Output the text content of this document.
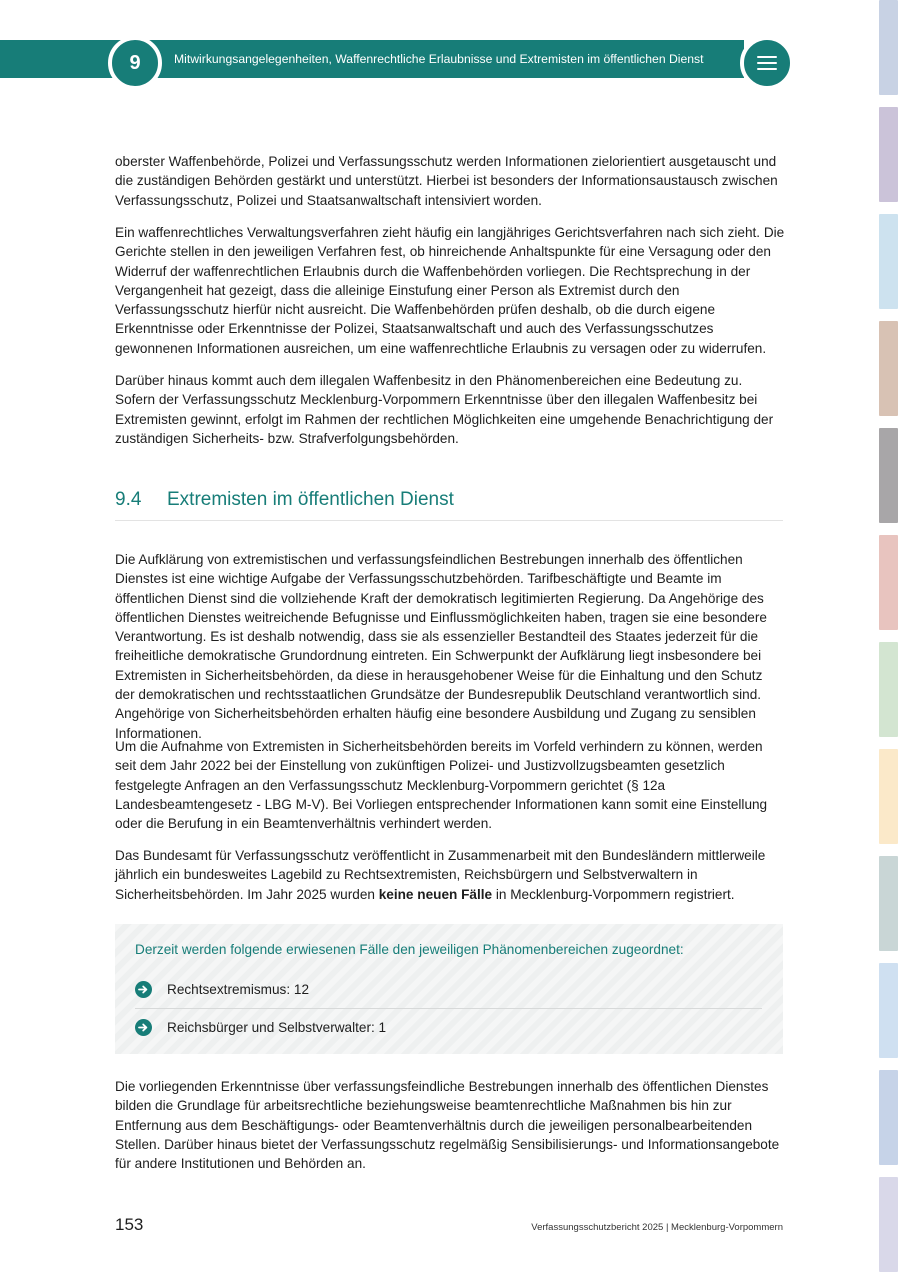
9	Mitwirkungsangelegenheiten, Waffenrechtliche Erlaubnisse und Extremisten im öffentlichen Dienst

oberster Waffenbehörde, Polizei und Verfassungsschutz werden Informationen zielorientiert ausgetauscht und die zuständigen Behörden gestärkt und unterstützt. Hierbei ist besonders der Informationsaustausch zwischen Verfassungsschutz, Polizei und Staatsanwaltschaft intensiviert worden.

Ein waffenrechtliches Verwaltungsverfahren zieht häufig ein langjähriges Gerichtsverfahren nach sich zieht. Die Gerichte stellen in den jeweiligen Verfahren fest, ob hinreichende Anhaltspunkte für eine Versagung oder den Widerruf der waffenrechtlichen Erlaubnis durch die Waffenbehörden vorliegen. Die Rechtsprechung in der Vergangenheit hat gezeigt, dass die alleinige Einstufung einer Person als Extremist durch den Verfassungsschutz hierfür nicht ausreicht. Die Waffenbehörden prüfen deshalb, ob die durch eigene Erkenntnisse oder Erkenntnisse der Polizei, Staatsanwaltschaft und auch des Verfassungsschutzes gewonnenen Informationen ausreichen, um eine waffenrechtliche Erlaubnis zu versagen oder zu widerrufen.

Darüber hinaus kommt auch dem illegalen Waffenbesitz in den Phänomenbereichen eine Bedeutung zu. Sofern der Verfassungsschutz Mecklenburg-Vorpommern Erkenntnisse über den illegalen Waffenbesitz bei Extremisten gewinnt, erfolgt im Rahmen der rechtlichen Möglichkeiten eine umgehende Benachrichtigung der zuständigen Sicherheits- bzw. Strafverfolgungsbehörden.

9.4 Extremisten im öffentlichen Dienst

Die Aufklärung von extremistischen und verfassungsfeindlichen Bestrebungen innerhalb des öffentlichen Dienstes ist eine wichtige Aufgabe der Verfassungsschutzbehörden. Tarifbeschäftigte und Beamte im öffentlichen Dienst sind die vollziehende Kraft der demokratisch legitimierten Regierung. Da Angehörige des öffentlichen Dienstes weitreichende Befugnisse und Einflussmöglichkeiten haben, tragen sie eine besondere Verantwortung. Es ist deshalb notwendig, dass sie als essenzieller Bestandteil des Staates jederzeit für die freiheitliche demokratische Grundordnung eintreten. Ein Schwerpunkt der Aufklärung liegt insbesondere bei Extremisten in Sicherheitsbehörden, da diese in herausgehobener Weise für die Einhaltung und den Schutz der demokratischen und rechtsstaatlichen Grundsätze der Bundesrepublik Deutschland verantwortlich sind. Angehörige von Sicherheitsbehörden erhalten häufig eine besondere Ausbildung und Zugang zu sensiblen Informationen.

Um die Aufnahme von Extremisten in Sicherheitsbehörden bereits im Vorfeld verhindern zu können, werden seit dem Jahr 2022 bei der Einstellung von zukünftigen Polizei- und Justizvollzugsbeamten gesetzlich festgelegte Anfragen an den Verfassungsschutz Mecklenburg-Vorpommern gerichtet (§ 12a Landesbeamtengesetz - LBG M-V). Bei Vorliegen entsprechender Informationen kann somit eine Einstellung oder die Berufung in ein Beamtenverhältnis verhindert werden.

Das Bundesamt für Verfassungsschutz veröffentlicht in Zusammenarbeit mit den Bundesländern mittlerweile jährlich ein bundesweites Lagebild zu Rechtsextremisten, Reichsbürgern und Selbstverwaltern in Sicherheitsbehörden. Im Jahr 2025 wurden keine neuen Fälle in Mecklenburg-Vorpommern registriert.

Derzeit werden folgende erwiesenen Fälle den jeweiligen Phänomenbereichen zugeordnet:
Rechtsextremismus: 12
Reichsbürger und Selbstverwalter: 1

Die vorliegenden Erkenntnisse über verfassungsfeindliche Bestrebungen innerhalb des öffentlichen Dienstes bilden die Grundlage für arbeitsrechtliche beziehungsweise beamtenrechtliche Maßnahmen bis hin zur Entfernung aus dem Beschäftigungs- oder Beamtenverhältnis durch die jeweiligen personalbearbeitenden Stellen. Darüber hinaus bietet der Verfassungsschutz regelmäßig Sensibilisierungs- und Informationsangebote für andere Institutionen und Behörden an.

153	Verfassungsschutzbericht 2025 | Mecklenburg-Vorpommern
